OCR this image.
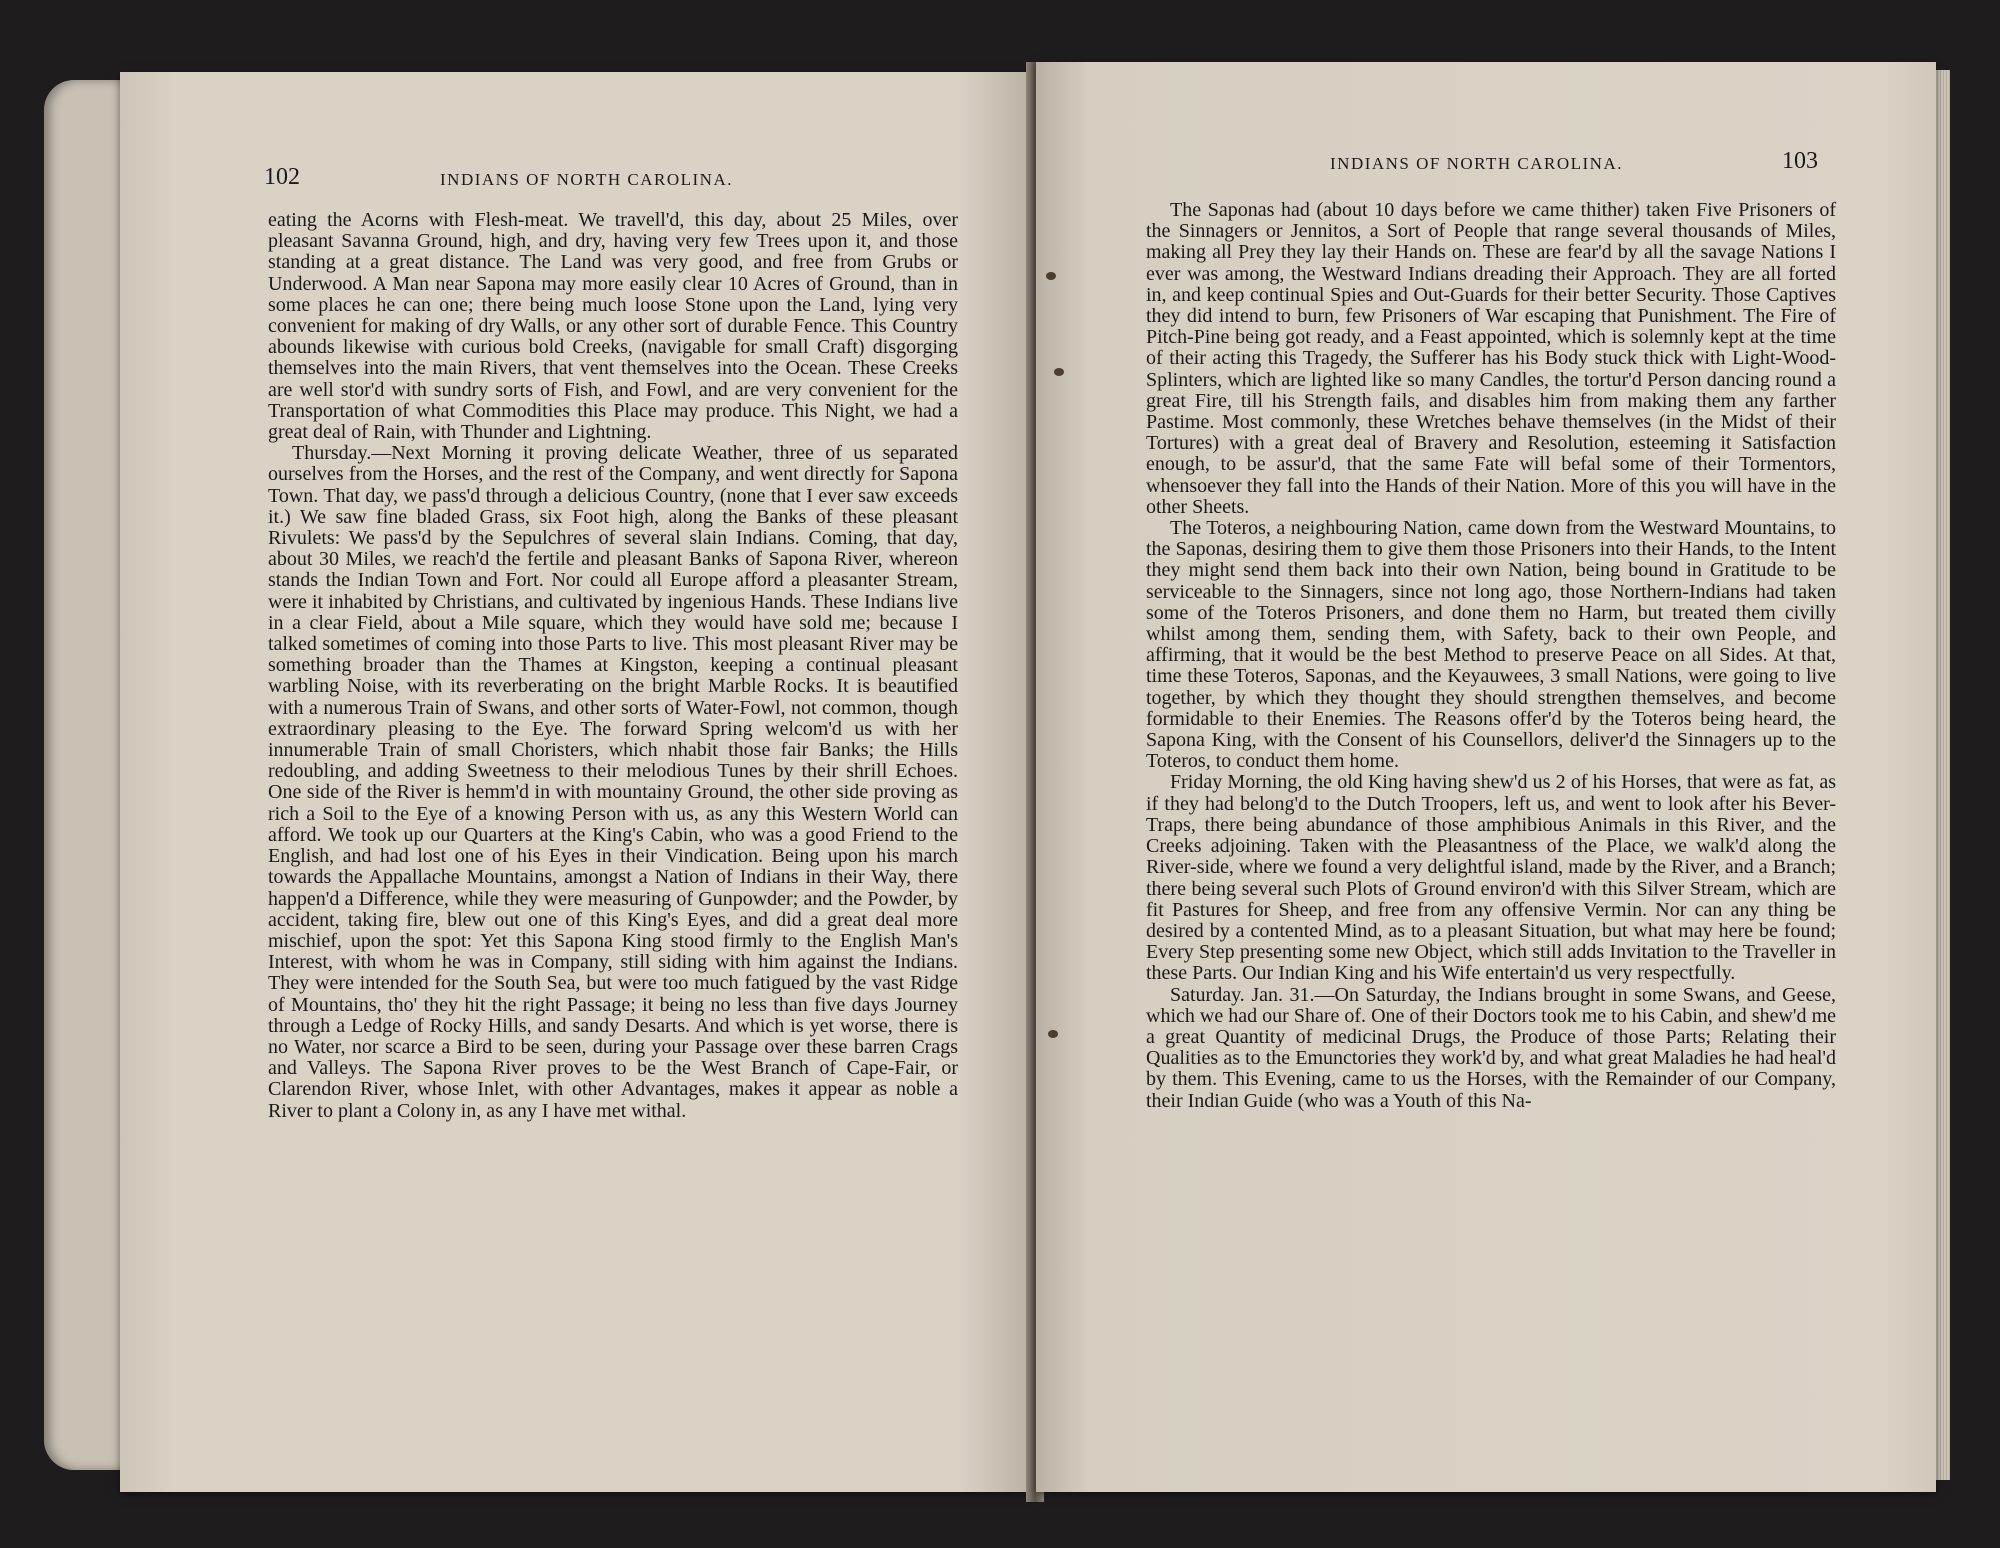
102	INDIANS OF NORTH CAROLINA.

eating the Acorns with Flesh-meat. We travell'd, this day, about 25 Miles, over pleasant Savanna Ground, high, and dry, having very few Trees upon it, and those standing at a great distance. The Land was very good, and free from Grubs or Underwood. A Man near Sapona may more easily clear 10 Acres of Ground, than in some places he can one; there being much loose Stone upon the Land, lying very convenient for making of dry Walls, or any other sort of durable Fence. This Country abounds likewise with curious bold Creeks, (navigable for small Craft) disgorging themselves into the main Rivers, that vent themselves into the Ocean. These Creeks are well stor'd with sundry sorts of Fish, and Fowl, and are very convenient for the Transportation of what Commodities this Place may produce. This Night, we had a great deal of Rain, with Thunder and Lightning.

Thursday.—Next Morning it proving delicate Weather, three of us separated ourselves from the Horses, and the rest of the Company, and went directly for Sapona Town. That day, we pass'd through a delicious Country, (none that I ever saw exceeds it.) We saw fine bladed Grass, six Foot high, along the Banks of these pleasant Rivulets: We pass'd by the Sepulchres of several slain Indians. Coming, that day, about 30 Miles, we reach'd the fertile and pleasant Banks of Sapona River, whereon stands the Indian Town and Fort. Nor could all Europe afford a pleasanter Stream, were it inhabited by Christians, and cultivated by ingenious Hands. These Indians live in a clear Field, about a Mile square, which they would have sold me; because I talked sometimes of coming into those Parts to live. This most pleasant River may be something broader than the Thames at Kingston, keeping a continual pleasant warbling Noise, with its reverberating on the bright Marble Rocks. It is beautified with a numerous Train of Swans, and other sorts of Water-Fowl, not common, though extraordinary pleasing to the Eye. The forward Spring welcom'd us with her innumerable Train of small Choristers, which nhabit those fair Banks; the Hills redoubling, and adding Sweetness to their melodious Tunes by their shrill Echoes. One side of the River is hemm'd in with mountainy Ground, the other side proving as rich a Soil to the Eye of a knowing Person with us, as any this Western World can afford. We took up our Quarters at the King's Cabin, who was a good Friend to the English, and had lost one of his Eyes in their Vindication. Being upon his march towards the Appallache Mountains, amongst a Nation of Indians in their Way, there happen'd a Difference, while they were measuring of Gunpowder; and the Powder, by accident, taking fire, blew out one of this King's Eyes, and did a great deal more mischief, upon the spot: Yet this Sapona King stood firmly to the English Man's Interest, with whom he was in Company, still siding with him against the Indians. They were intended for the South Sea, but were too much fatigued by the vast Ridge of Mountains, tho' they hit the right Passage; it being no less than five days Journey through a Ledge of Rocky Hills, and sandy Desarts. And which is yet worse, there is no Water, nor scarce a Bird to be seen, during your Passage over these barren Crags and Valleys. The Sapona River proves to be the West Branch of Cape-Fair, or Clarendon River, whose Inlet, with other Advantages, makes it appear as noble a River to plant a Colony in, as any I have met withal.

INDIANS OF NORTH CAROLINA.	103

The Saponas had (about 10 days before we came thither) taken Five Prisoners of the Sinnagers or Jennitos, a Sort of People that range several thousands of Miles, making all Prey they lay their Hands on. These are fear'd by all the savage Nations I ever was among, the Westward Indians dreading their Approach. They are all forted in, and keep continual Spies and Out-Guards for their better Security. Those Captives they did intend to burn, few Prisoners of War escaping that Punishment. The Fire of Pitch-Pine being got ready, and a Feast appointed, which is solemnly kept at the time of their acting this Tragedy, the Sufferer has his Body stuck thick with Light-Wood-Splinters, which are lighted like so many Candles, the tortur'd Person dancing round a great Fire, till his Strength fails, and disables him from making them any farther Pastime. Most commonly, these Wretches behave themselves (in the Midst of their Tortures) with a great deal of Bravery and Resolution, esteeming it Satisfaction enough, to be assur'd, that the same Fate will befal some of their Tormentors, whensoever they fall into the Hands of their Nation. More of this you will have in the other Sheets.

The Toteros, a neighbouring Nation, came down from the Westward Mountains, to the Saponas, desiring them to give them those Prisoners into their Hands, to the Intent they might send them back into their own Nation, being bound in Gratitude to be serviceable to the Sinnagers, since not long ago, those Northern-Indians had taken some of the Toteros Prisoners, and done them no Harm, but treated them civilly whilst among them, sending them, with Safety, back to their own People, and affirming, that it would be the best Method to preserve Peace on all Sides. At that, time these Toteros, Saponas, and the Keyauwees, 3 small Nations, were going to live together, by which they thought they should strengthen themselves, and become formidable to their Enemies. The Reasons offer'd by the Toteros being heard, the Sapona King, with the Consent of his Counsellors, deliver'd the Sinnagers up to the Toteros, to conduct them home.

Friday Morning, the old King having shew'd us 2 of his Horses, that were as fat, as if they had belong'd to the Dutch Troopers, left us, and went to look after his Bever-Traps, there being abundance of those amphibious Animals in this River, and the Creeks adjoining. Taken with the Pleasantness of the Place, we walk'd along the River-side, where we found a very delightful island, made by the River, and a Branch; there being several such Plots of Ground environ'd with this Silver Stream, which are fit Pastures for Sheep, and free from any offensive Vermin. Nor can any thing be desired by a contented Mind, as to a pleasant Situation, but what may here be found; Every Step presenting some new Object, which still adds Invitation to the Traveller in these Parts. Our Indian King and his Wife entertain'd us very respectfully.

Saturday. Jan. 31.—On Saturday, the Indians brought in some Swans, and Geese, which we had our Share of. One of their Doctors took me to his Cabin, and shew'd me a great Quantity of medicinal Drugs, the Produce of those Parts; Relating their Qualities as to the Emunctories they work'd by, and what great Maladies he had heal'd by them. This Evening, came to us the Horses, with the Remainder of our Company, their Indian Guide (who was a Youth of this Na-
